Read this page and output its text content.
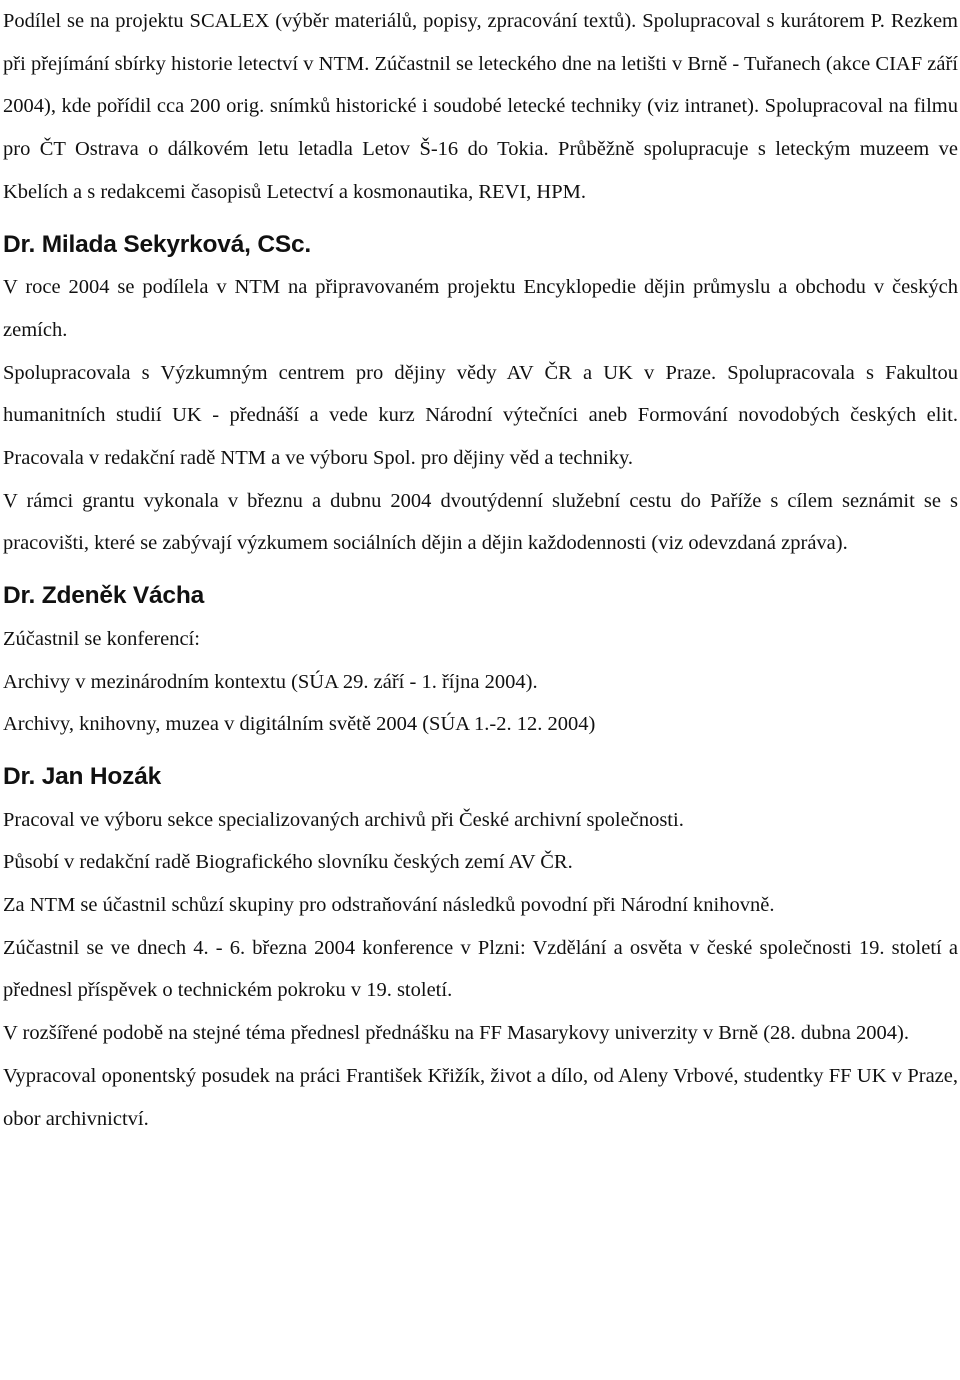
Podílel se na projektu SCALEX (výběr materiálů, popisy, zpracování textů). Spolupracoval s kurátorem P. Rezkem při přejímání sbírky historie letectví v NTM. Zúčastnil se leteckého dne na letišti v Brně - Tuřanech (akce CIAF září 2004), kde pořídil cca 200 orig. snímků historické i soudobé letecké techniky (viz intranet). Spolupracoval na filmu pro ČT Ostrava o dálkovém letu letadla Letov Š-16 do Tokia. Průběžně spolupracuje s leteckým muzeem ve Kbelích a s redakcemi časopisů Letectví a kosmonautika, REVI, HPM.

Dr. Milada Sekyrková, CSc.

V roce 2004 se podílela v NTM na připravovaném projektu Encyklopedie dějin průmyslu a obchodu v českých zemích.

Spolupracovala s Výzkumným centrem pro dějiny vědy AV ČR a UK v Praze. Spolupracovala s Fakultou humanitních studií UK - přednáší a vede kurz Národní výtečníci aneb Formování novodobých českých elit. Pracovala v redakční radě NTM a ve výboru Spol. pro dějiny věd a techniky.

V rámci grantu vykonala v březnu a dubnu 2004 dvoutýdenní služební cestu do Paříže s cílem seznámit se s pracovišti, které se zabývají výzkumem sociálních dějin a dějin každodennosti (viz odevzdaná zpráva).

Dr. Zdeněk Vácha

Zúčastnil se konferencí:

Archivy v mezinárodním kontextu (SÚA 29. září - 1. října 2004).

Archivy, knihovny, muzea v digitálním světě 2004 (SÚA 1.-2. 12. 2004)

Dr. Jan Hozák

Pracoval ve výboru sekce specializovaných archivů při České archivní společnosti.

Působí v redakční radě Biografického slovníku českých zemí AV ČR.

Za NTM se účastnil schůzí skupiny pro odstraňování následků povodní při Národní knihovně.

Zúčastnil se ve dnech 4. - 6. března 2004 konference v Plzni: Vzdělání a osvěta v české společnosti 19. století a přednesl příspěvek o technickém pokroku v 19. století.

V rozšířené podobě na stejné téma přednesl přednášku na FF Masarykovy univerzity v Brně (28. dubna 2004).

Vypracoval oponentský posudek na práci František Křižík, život a dílo, od Aleny Vrbové, studentky FF UK v Praze, obor archivnictví.
